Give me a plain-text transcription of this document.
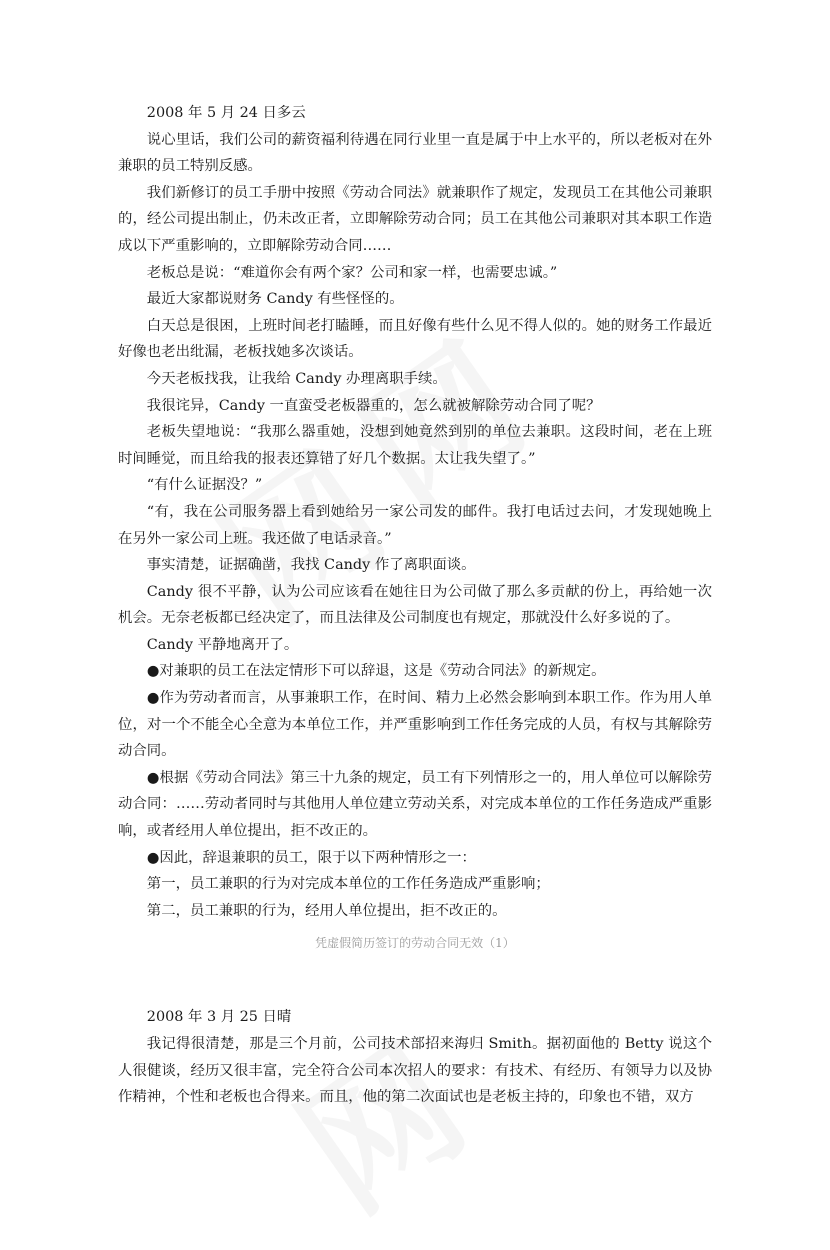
2008 年 5 月 24 日多云

说心里话，我们公司的薪资福利待遇在同行业里一直是属于中上水平的，所以老板对在外兼职的员工特别反感。

我们新修订的员工手册中按照《劳动合同法》就兼职作了规定，发现员工在其他公司兼职的，经公司提出制止，仍未改正者，立即解除劳动合同；员工在其他公司兼职对其本职工作造成以下严重影响的，立即解除劳动合同……

老板总是说：“难道你会有两个家？公司和家一样，也需要忠诚。”

最近大家都说财务 Candy 有些怪怪的。

白天总是很困，上班时间老打瞌睡，而且好像有些什么见不得人似的。她的财务工作最近好像也老出纰漏，老板找她多次谈话。

今天老板找我，让我给 Candy 办理离职手续。

我很诧异，Candy 一直蛮受老板器重的，怎么就被解除劳动合同了呢？

老板失望地说：“我那么器重她，没想到她竟然到别的单位去兼职。这段时间，老在上班时间睡觉，而且给我的报表还算错了好几个数据。太让我失望了。”

“有什么证据没？”

“有，我在公司服务器上看到她给另一家公司发的邮件。我打电话过去问，才发现她晚上在另外一家公司上班。我还做了电话录音。”

事实清楚，证据确凿，我找 Candy 作了离职面谈。

Candy 很不平静，认为公司应该看在她往日为公司做了那么多贡献的份上，再给她一次机会。无奈老板都已经决定了，而且法律及公司制度也有规定，那就没什么好多说的了。

Candy 平静地离开了。

●对兼职的员工在法定情形下可以辞退，这是《劳动合同法》的新规定。

●作为劳动者而言，从事兼职工作，在时间、精力上必然会影响到本职工作。作为用人单位，对一个不能全心全意为本单位工作，并严重影响到工作任务完成的人员，有权与其解除劳动合同。

●根据《劳动合同法》第三十九条的规定，员工有下列情形之一的，用人单位可以解除劳动合同：……劳动者同时与其他用人单位建立劳动关系，对完成本单位的工作任务造成严重影响，或者经用人单位提出，拒不改正的。

●因此，辞退兼职的员工，限于以下两种情形之一：

第一，员工兼职的行为对完成本单位的工作任务造成严重影响；

第二，员工兼职的行为，经用人单位提出，拒不改正的。

凭虚假简历签订的劳动合同无效（1）

2008 年 3 月 25 日晴

我记得很清楚，那是三个月前，公司技术部招来海归 Smith。据初面他的 Betty 说这个人很健谈，经历又很丰富，完全符合公司本次招人的要求：有技术、有经历、有领导力以及协作精神，个性和老板也合得来。而且，他的第二次面试也是老板主持的，印象也不错，双方
